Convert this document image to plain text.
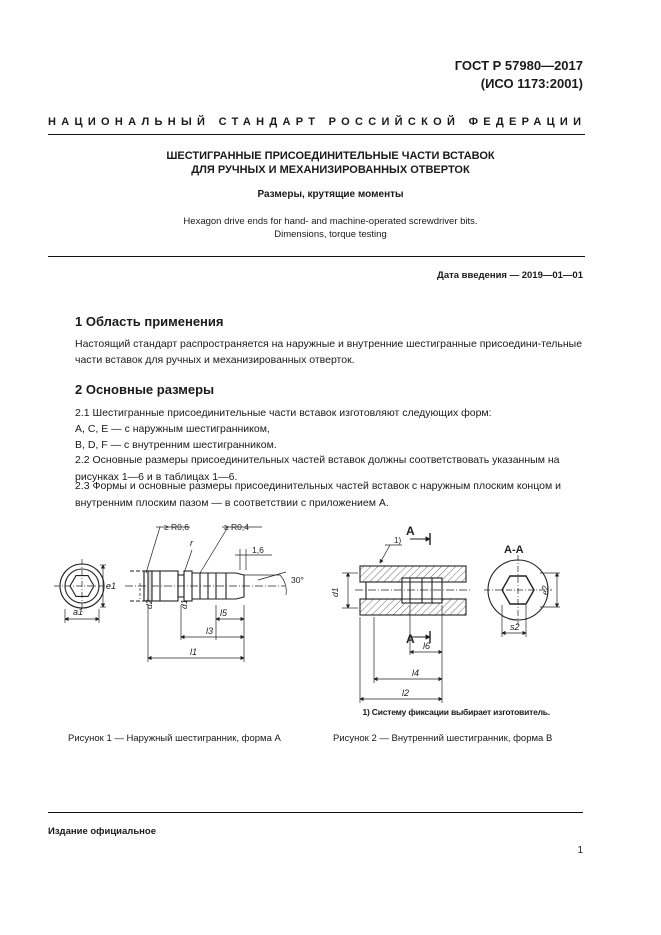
ГОСТ Р 57980—2017
(ИСО 1173:2001)
НАЦИОНАЛЬНЫЙ СТАНДАРТ РОССИЙСКОЙ ФЕДЕРАЦИИ
ШЕСТИГРАННЫЕ ПРИСОЕДИНИТЕЛЬНЫЕ ЧАСТИ ВСТАВОК
ДЛЯ РУЧНЫХ И МЕХАНИЗИРОВАННЫХ ОТВЕРТОК
Размеры, крутящие моменты
Hexagon drive ends for hand- and machine-operated screwdriver bits.
Dimensions, torque testing
Дата введения — 2019—01—01
1 Область применения
Настоящий стандарт распространяется на наружные и внутренние шестигранные присоедини-тельные части вставок для ручных и механизированных отверток.
2 Основные размеры
2.1 Шестигранные присоединительные части вставок изготовляют следующих форм:
А, С, Е — с наружным шестигранником,
В, D, F — с внутренним шестигранником.
2.2 Основные размеры присоединительных частей вставок должны соответствовать указанным на рисунках 1—6 и в таблицах 1—6.
2.3 Формы и основные размеры присоединительных частей вставок с наружным плоским концом и внутренним плоским пазом — в соответствии с приложением А.
a1
e1
≥ R0,6	≥ R0,4
r
1,6
30°
d2	d1
l5
l3
l1
A
A
1)
d1
l6
l4
l2
A-A
e2
s2
1) Систему фиксации выбирает изготовитель.
Рисунок 1 — Наружный шестигранник, форма А	Рисунок 2 — Внутренний шестигранник, форма В
Издание официальное
1
